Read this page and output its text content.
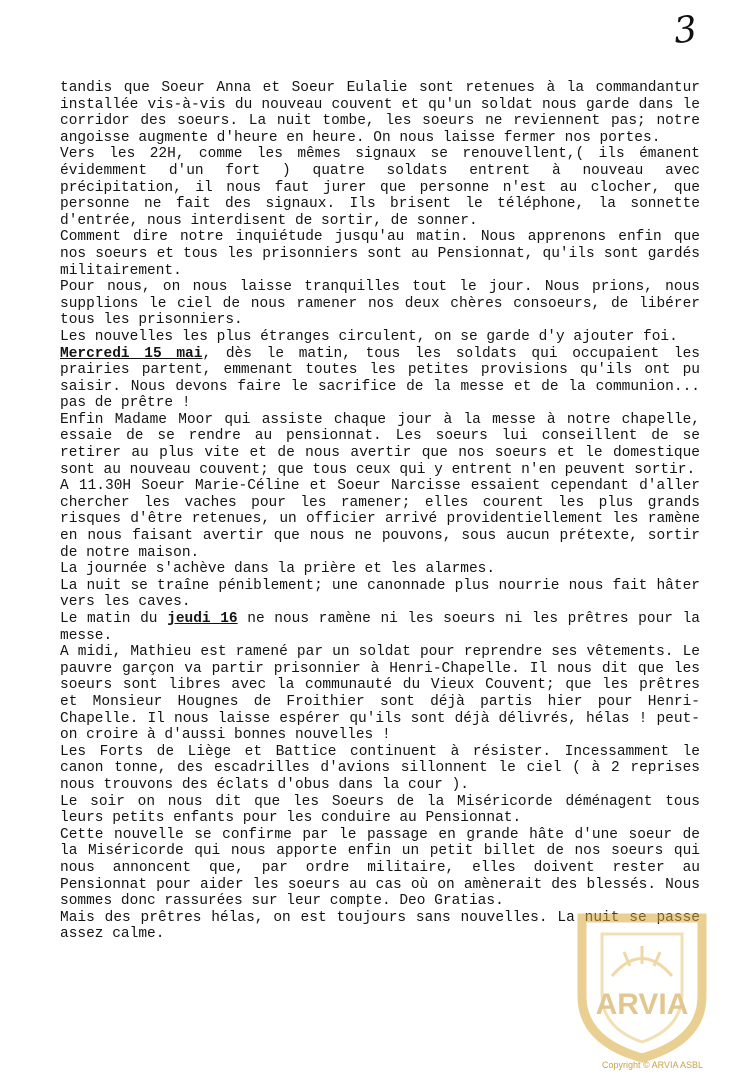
3

tandis que Soeur Anna et Soeur Eulalie sont retenues à la commandantur installée vis-à-vis du nouveau couvent et qu'un soldat nous garde dans le corridor des soeurs. La nuit tombe, les soeurs ne reviennent pas; notre angoisse augmente d'heure en heure. On nous laisse fermer nos portes.

Vers les 22H, comme les mêmes signaux se renouvellent,( ils émanent évidemment d'un fort ) quatre soldats entrent à nouveau avec précipitation, il nous faut jurer que personne n'est au clocher, que personne ne fait des signaux. Ils brisent le téléphone, la sonnette d'entrée, nous interdisent de sortir, de sonner.

Comment dire notre inquiétude jusqu'au matin. Nous apprenons enfin que nos soeurs et tous les prisonniers sont au Pensionnat, qu'ils sont gardés militairement.

Pour nous, on nous laisse tranquilles tout le jour. Nous prions, nous supplions le ciel de nous ramener nos deux chères consoeurs, de libérer tous les prisonniers.

Les nouvelles les plus étranges circulent, on se garde d'y ajouter foi.

Mercredi 15 mai, dès le matin, tous les soldats qui occupaient les prairies partent, emmenant toutes les petites provisions qu'ils ont pu saisir. Nous devons faire le sacrifice de la messe et de la communion... pas de prêtre !

Enfin Madame Moor qui assiste chaque jour à la messe à notre chapelle, essaie de se rendre au pensionnat. Les soeurs lui conseillent de se retirer au plus vite et de nous avertir que nos soeurs et le domestique sont au nouveau couvent; que tous ceux qui y entrent n'en peuvent sortir.

A 11.30H Soeur Marie-Céline et Soeur Narcisse essaient cependant d'aller chercher les vaches pour les ramener; elles courent les plus grands risques d'être retenues, un officier arrivé providentiellement les ramène en nous faisant avertir que nous ne pouvons, sous aucun prétexte, sortir de notre maison.

La journée s'achève dans la prière et les alarmes.

La nuit se traîne péniblement; une canonnade plus nourrie nous fait hâter vers les caves.

Le matin du jeudi 16 ne nous ramène ni les soeurs ni les prêtres pour la messe.

A midi, Mathieu est ramené par un soldat pour reprendre ses vêtements. Le pauvre garçon va partir prisonnier à Henri-Chapelle. Il nous dit que les soeurs sont libres avec la communauté du Vieux Couvent; que les prêtres et Monsieur Hougnes de Froithier sont déjà partis hier pour Henri-Chapelle. Il nous laisse espérer qu'ils sont déjà délivrés, hélas ! peut-on croire à d'aussi bonnes nouvelles !

Les Forts de Liège et Battice continuent à résister. Incessamment le canon tonne, des escadrilles d'avions sillonnent le ciel ( à 2 reprises nous trouvons des éclats d'obus dans la cour ).

Le soir on nous dit que les Soeurs de la Miséricorde déménagent tous leurs petits enfants pour les conduire au Pensionnat.

Cette nouvelle se confirme par le passage en grande hâte d'une soeur de la Miséricorde qui nous apporte enfin un petit billet de nos soeurs qui nous annoncent que, par ordre militaire, elles doivent rester au Pensionnat pour aider les soeurs au cas où on amènerait des blessés. Nous sommes donc rassurées sur leur compte. Deo Gratias.

Mais des prêtres hélas, on est toujours sans nouvelles. La nuit se passe assez calme.

ARVIA
Copyright © ARVIA ASBL
